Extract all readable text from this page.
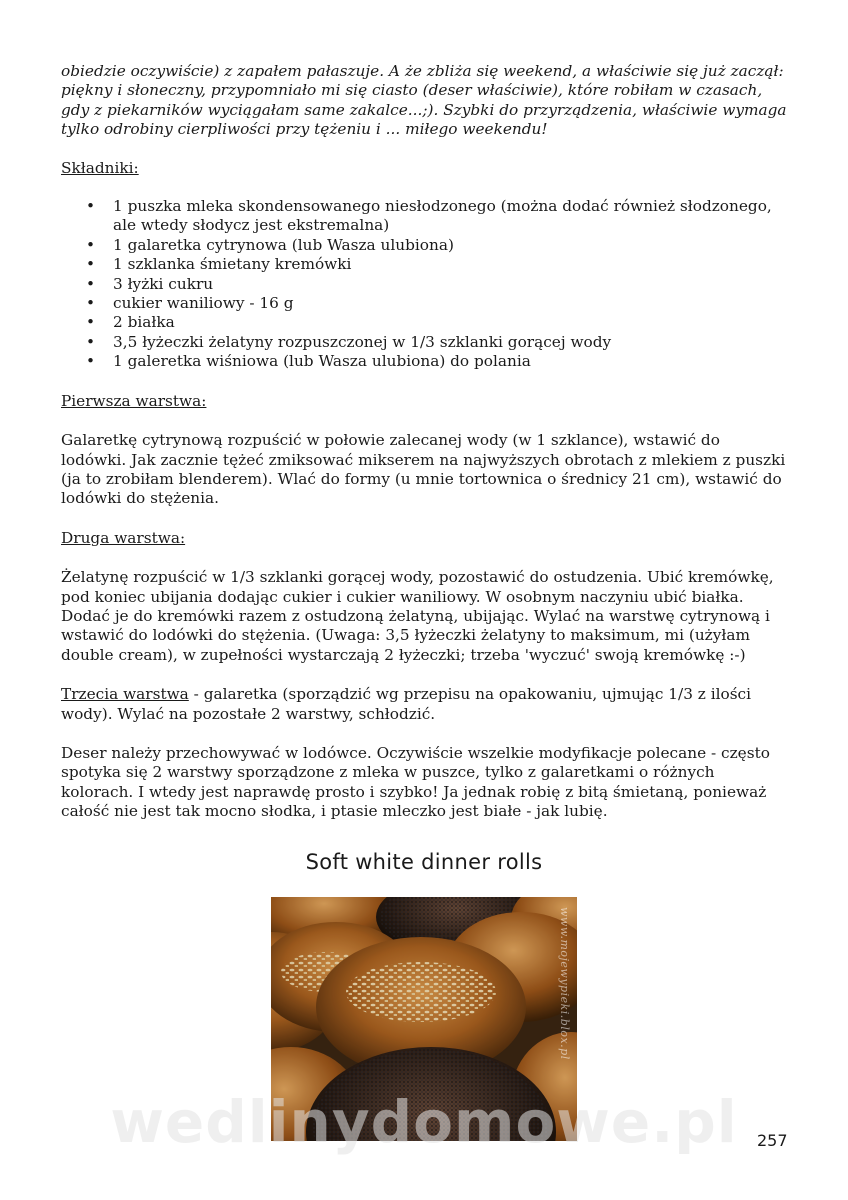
obiedzie oczywiście) z zapałem pałaszuje. A że zbliża się weekend, a właściwie się już zaczął: piękny i słoneczny, przypomniało mi się ciasto (deser właściwie), które robiłam w czasach, gdy z piekarników wyciągałam same zakalce...;). Szybki do przyrządzenia, właściwie wymaga tylko odrobiny cierpliwości przy tężeniu i ... miłego weekendu!

Składniki:

• 1 puszka mleka skondensowanego niesłodzonego (można dodać również słodzonego, ale wtedy słodycz jest ekstremalna)
• 1 galaretka cytrynowa (lub Wasza ulubiona)
• 1 szklanka śmietany kremówki
• 3 łyżki cukru
• cukier waniliowy - 16 g
• 2 białka
• 3,5 łyżeczki żelatyny rozpuszczonej w 1/3 szklanki gorącej wody
• 1 galeretka wiśniowa (lub Wasza ulubiona) do polania

Pierwsza warstwa:

Galaretkę cytrynową rozpuścić w połowie zalecanej wody (w 1 szklance), wstawić do lodówki. Jak zacznie tężeć zmiksować mikserem na najwyższych obrotach z mlekiem z puszki (ja to zrobiłam blenderem). Wlać do formy (u mnie tortownica o średnicy 21 cm), wstawić do lodówki do stężenia.

Druga warstwa:

Żelatynę rozpuścić w 1/3 szklanki gorącej wody, pozostawić do ostudzenia. Ubić kremówkę, pod koniec ubijania dodając cukier i cukier waniliowy. W osobnym naczyniu ubić białka. Dodać je do kremówki razem z ostudzoną żelatyną, ubijając. Wylać na warstwę cytrynową i wstawić do lodówki do stężenia. (Uwaga: 3,5 łyżeczki żelatyny to maksimum, mi (użyłam double cream), w zupełności wystarczają 2 łyżeczki; trzeba 'wyczuć' swoją kremówkę :-)

Trzecia warstwa - galaretka (sporządzić wg przepisu na opakowaniu, ujmując 1/3 z ilości wody). Wylać na pozostałe 2 warstwy, schłodzić.

Deser należy przechowywać w lodówce. Oczywiście wszelkie modyfikacje polecane - często spotyka się 2 warstwy sporządzone z mleka w puszce, tylko z galaretkami o różnych kolorach. I wtedy jest naprawdę prosto i szybko! Ja jednak robię z bitą śmietaną, ponieważ całość nie jest tak mocno słodka, i ptasie mleczko jest białe - jak lubię.

Soft white dinner rolls
www.mojewypieki.blox.pl
wedlinydomowe.pl	257
